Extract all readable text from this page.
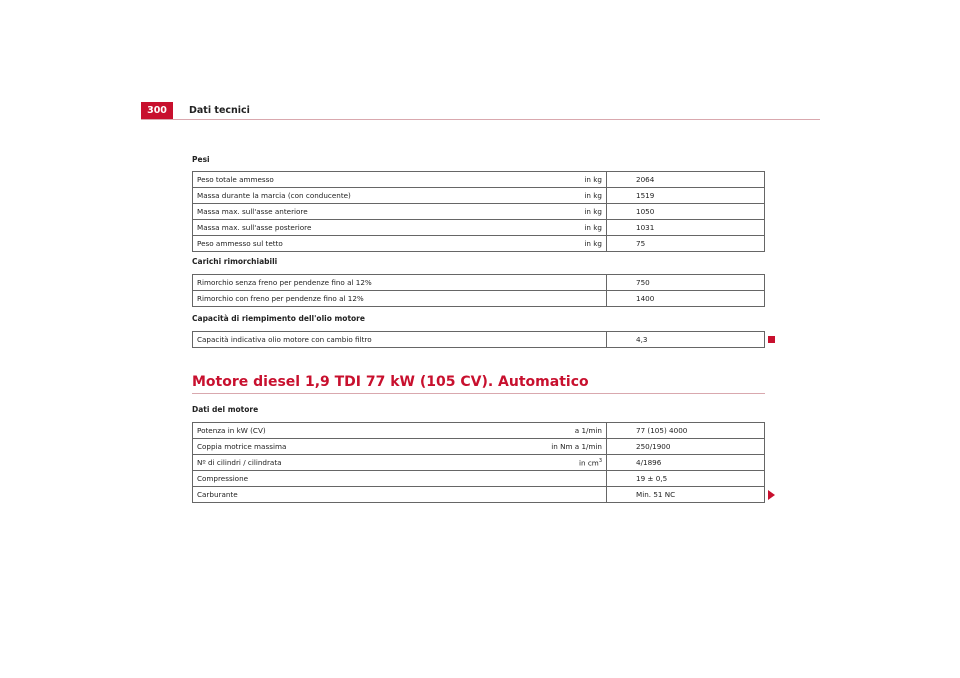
300	Dati tecnici
Pesi
Peso totale ammesso	in kg	2064
Massa durante la marcia (con conducente)	in kg	1519
Massa max. sull'asse anteriore	in kg	1050
Massa max. sull'asse posteriore	in kg	1031
Peso ammesso sul tetto	in kg	75
Carichi rimorchiabili
Rimorchio senza freno per pendenze fino al 12%	750
Rimorchio con freno per pendenze fino al 12%	1400
Capacità di riempimento dell'olio motore
Capacità indicativa olio motore con cambio filtro	4,3
Motore diesel 1,9 TDI 77 kW (105 CV). Automatico
Dati del motore
Potenza in kW (CV)	a 1/min	77 (105) 4000
Coppia motrice massima	in Nm a 1/min	250/1900
Nº di cilindri / cilindrata	in $cm^3$	4/1896
Compressione		19 ± 0,5
Carburante		Min. 51 NC
